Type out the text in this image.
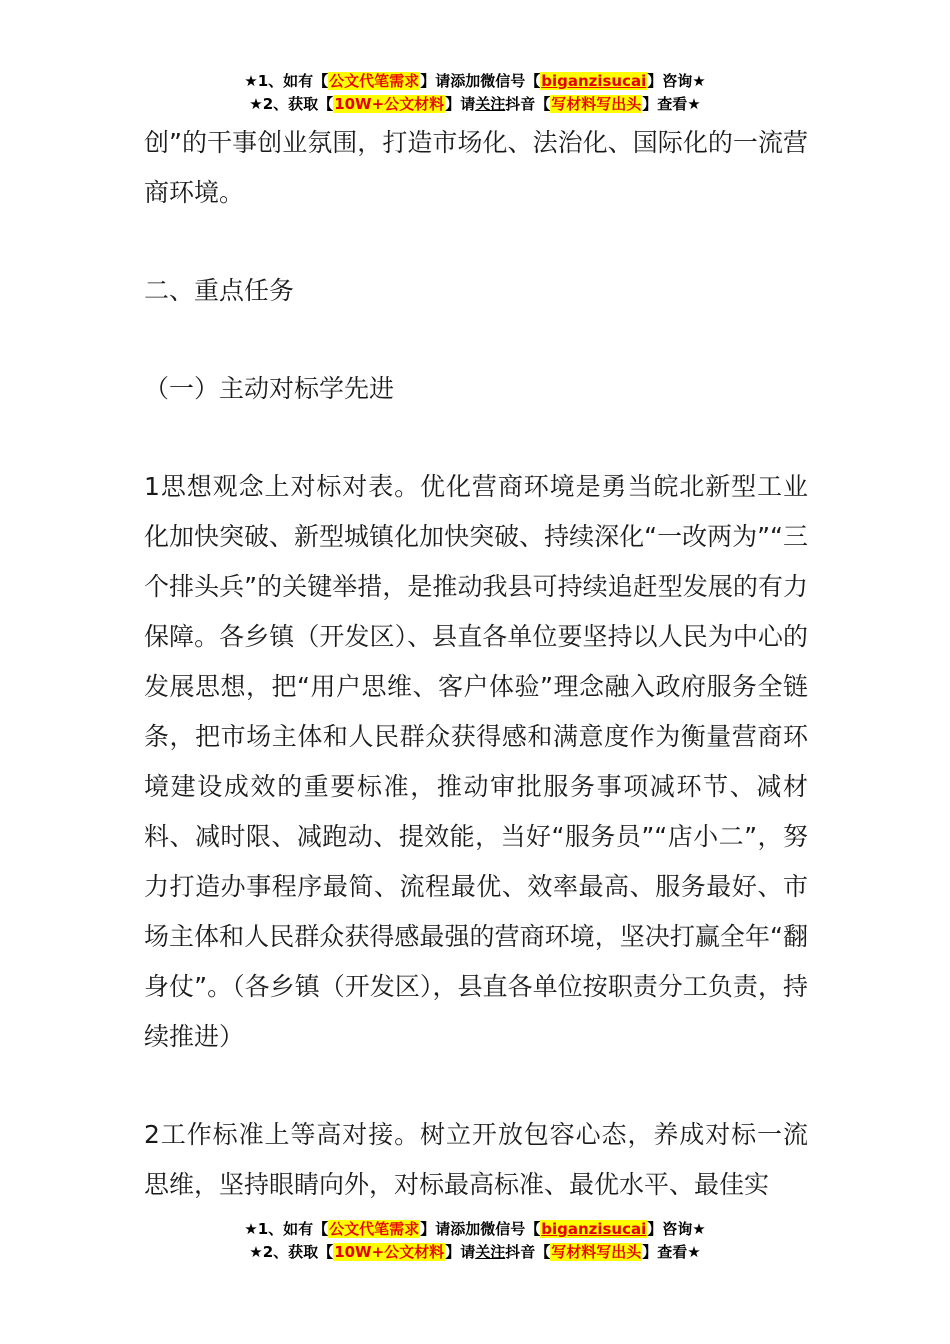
★1、如有【公文代笔需求】请添加微信号【biganzisucai】咨询★
★2、获取【10W+公文材料】请关注抖音【写材料写出头】查看★

创”的干事创业氛围，打造市场化、法治化、国际化的一流营商环境。

二、重点任务

（一）主动对标学先进

1思想观念上对标对表。优化营商环境是勇当皖北新型工业化加快突破、新型城镇化加快突破、持续深化“一改两为”“三个排头兵”的关键举措，是推动我县可持续追赶型发展的有力保障。各乡镇（开发区）、县直各单位要坚持以人民为中心的发展思想，把“用户思维、客户体验”理念融入政府服务全链条，把市场主体和人民群众获得感和满意度作为衡量营商环境建设成效的重要标准，推动审批服务事项减环节、减材料、减时限、减跑动、提效能，当好“服务员”“店小二”，努力打造办事程序最简、流程最优、效率最高、服务最好、市场主体和人民群众获得感最强的营商环境，坚决打赢全年“翻身仗”。（各乡镇（开发区），县直各单位按职责分工负责，持续推进）

2工作标准上等高对接。树立开放包容心态，养成对标一流思维，坚持眼睛向外，对标最高标准、最优水平、最佳实

★1、如有【公文代笔需求】请添加微信号【biganzisucai】咨询★
★2、获取【10W+公文材料】请关注抖音【写材料写出头】查看★
